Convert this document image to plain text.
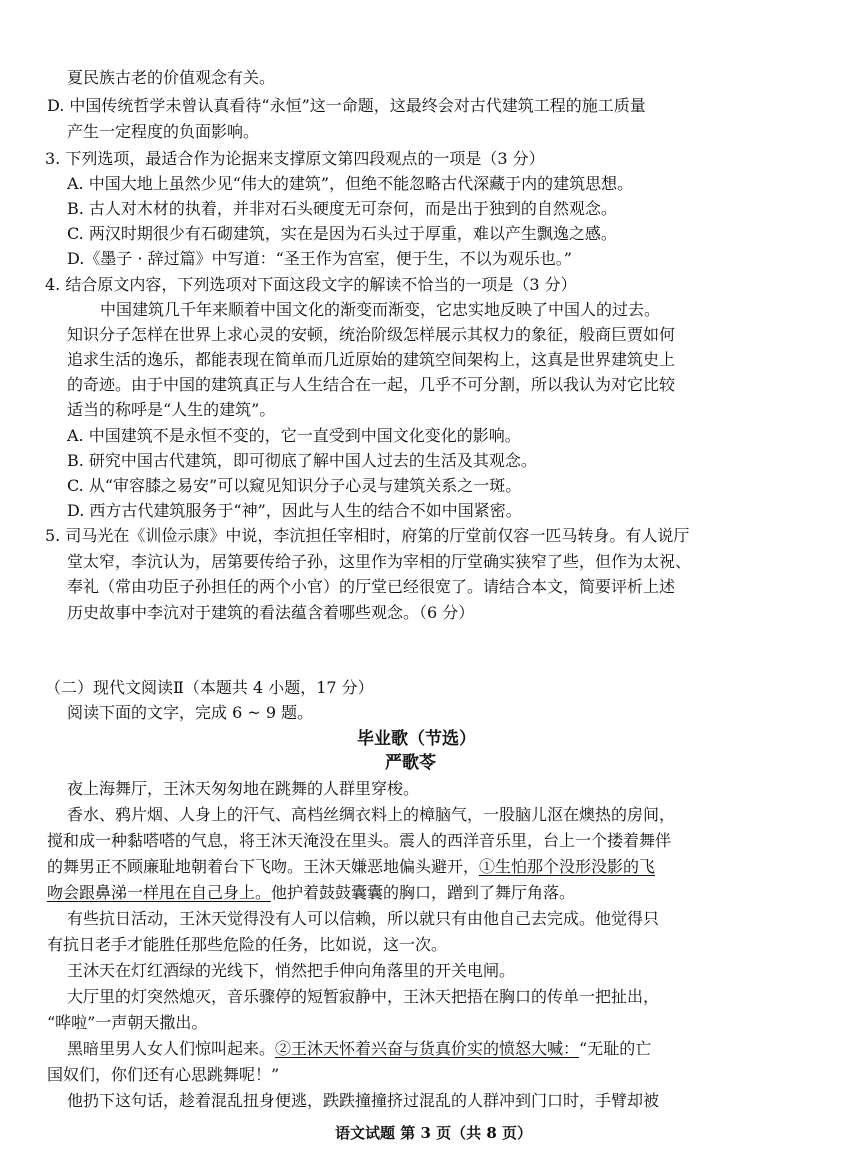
夏民族古老的价值观念有关。
D. 中国传统哲学未曾认真看待“永恒”这一命题，这最终会对古代建筑工程的施工质量
产生一定程度的负面影响。
3. 下列选项，最适合作为论据来支撑原文第四段观点的一项是（3 分）
A. 中国大地上虽然少见“伟大的建筑”，但绝不能忽略古代深藏于内的建筑思想。
B. 古人对木材的执着，并非对石头硬度无可奈何，而是出于独到的自然观念。
C. 两汉时期很少有石砌建筑，实在是因为石头过于厚重，难以产生飘逸之感。
D.《墨子 · 辞过篇》中写道：“圣王作为宫室，便于生，不以为观乐也。”
4. 结合原文内容，下列选项对下面这段文字的解读不恰当的一项是（3 分）
中国建筑几千年来顺着中国文化的渐变而渐变，它忠实地反映了中国人的过去。
知识分子怎样在世界上求心灵的安顿，统治阶级怎样展示其权力的象征，般商巨贾如何
追求生活的逸乐，都能表现在简单而几近原始的建筑空间架构上，这真是世界建筑史上
的奇迹。由于中国的建筑真正与人生结合在一起，几乎不可分割，所以我认为对它比较
适当的称呼是“人生的建筑”。
A. 中国建筑不是永恒不变的，它一直受到中国文化变化的影响。
B. 研究中国古代建筑，即可彻底了解中国人过去的生活及其观念。
C. 从“审容膝之易安”可以窥见知识分子心灵与建筑关系之一斑。
D. 西方古代建筑服务于“神”，因此与人生的结合不如中国紧密。
5. 司马光在《训俭示康》中说，李沆担任宰相时，府第的厅堂前仅容一匹马转身。有人说厅
堂太窄，李沆认为，居第要传给子孙，这里作为宰相的厅堂确实狭窄了些，但作为太祝、
奉礼（常由功臣子孙担任的两个小官）的厅堂已经很宽了。请结合本文，简要评析上述
历史故事中李沆对于建筑的看法蕴含着哪些观念。（6 分）
（二）现代文阅读Ⅱ（本题共 4 小题，17 分）
阅读下面的文字，完成 6 ~ 9 题。
毕业歌（节选）
严歌苓
夜上海舞厅，王沐天匆匆地在跳舞的人群里穿梭。
香水、鸦片烟、人身上的汗气、高档丝绸衣料上的樟脑气，一股脑儿沤在燠热的房间，
搅和成一种黏嗒嗒的气息，将王沐天淹没在里头。震人的西洋音乐里，台上一个搂着舞伴
的舞男正不顾廉耻地朝着台下飞吻。王沐天嫌恶地偏头避开，①生怕那个没形没影的飞
吻会跟鼻涕一样甩在自己身上。他护着鼓鼓囊囊的胸口，蹭到了舞厅角落。
有些抗日活动，王沐天觉得没有人可以信赖，所以就只有由他自己去完成。他觉得只
有抗日老手才能胜任那些危险的任务，比如说，这一次。
王沐天在灯红酒绿的光线下，悄然把手伸向角落里的开关电闸。
大厅里的灯突然熄灭，音乐骤停的短暂寂静中，王沐天把捂在胸口的传单一把扯出，
“哗啦”一声朝天撒出。
黑暗里男人女人们惊叫起来。②王沐天怀着兴奋与货真价实的愤怒大喊：“无耻的亡
国奴们，你们还有心思跳舞呢！”
他扔下这句话，趁着混乱扭身便逃，跌跌撞撞挤过混乱的人群冲到门口时，手臂却被
语文试题 第 3 页（共 8 页）
